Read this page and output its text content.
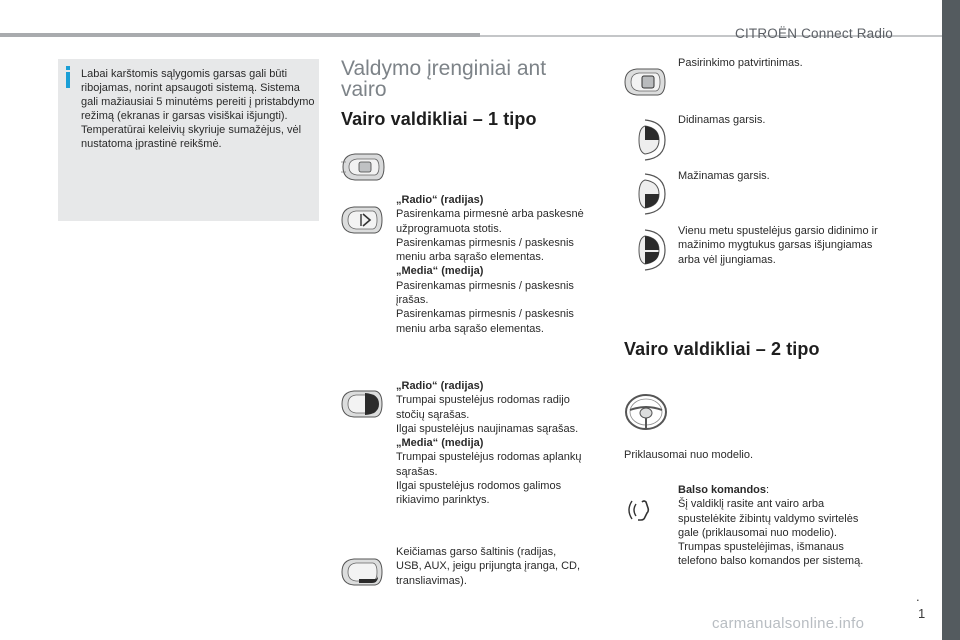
CITROËN Connect Radio
Labai karštomis sąlygomis garsas gali būti
ribojamas, norint apsaugoti sistemą. Sistema
gali mažiausiai 5 minutėms pereiti į pristabdymo
režimą (ekranas ir garsas visiškai išjungti).
Temperatūrai keleivių skyriuje sumažėjus, vėl
nustatoma įprastinė reikšmė.
Valdymo įrenginiai ant
vairo
Vairo valdikliai – 1 tipo

„Radio“ (radijas)

Pasirenkama pirmesnė arba paskesnė

užprogramuota stotis.

Pasirenkamas pirmesnis / paskesnis

meniu arba sąrašo elementas.

„Media“ (medija)

Pasirenkamas pirmesnis / paskesnis

įrašas.

Pasirenkamas pirmesnis / paskesnis

meniu arba sąrašo elementas.

„Radio“ (radijas)

Trumpai spustelėjus rodomas radijo

stočių sąrašas.

Ilgai spustelėjus naujinamas sąrašas.

„Media“ (medija)

Trumpai spustelėjus rodomas aplankų

sąrašas.

Ilgai spustelėjus rodomos galimos

rikiavimo parinktys.

Keičiamas garso šaltinis (radijas,

USB, AUX, jeigu prijungta įranga, CD,

transliavimas).

Pasirinkimo patvirtinimas.

Didinamas garsis.

Mažinamas garsis.

Vienu metu spustelėjus garsio didinimo ir

mažinimo mygtukus garsas išjungiamas

arba vėl įjungiamas.

Vairo valdikliai – 2 tipo
Priklausomai nuo modelio.

Balso komandos:

Šį valdiklį rasite ant vairo arba

spustelėkite žibintų valdymo svirtelės

gale (priklausomai nuo modelio).

Trumpas spustelėjimas, išmanaus

telefono balso komandos per sistemą.

.
1
carmanualsonline.info
